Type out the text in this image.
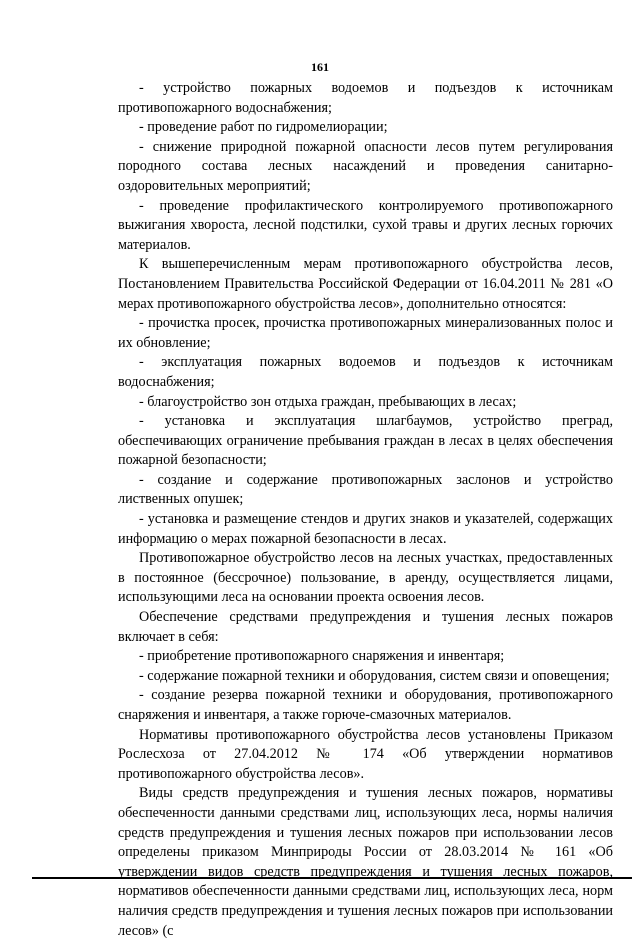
161

- устройство пожарных водоемов и подъездов к источникам противопожарного водоснабжения;

- проведение работ по гидромелиорации;

- снижение природной пожарной опасности лесов путем регулирования породного состава лесных насаждений и проведения санитарно-оздоровительных мероприятий;

- проведение профилактического контролируемого противопожарного выжигания хвороста, лесной подстилки, сухой травы и других лесных горючих материалов.

К вышеперечисленным мерам противопожарного обустройства лесов, Постановлением Правительства Российской Федерации от 16.04.2011 № 281 «О мерах противопожарного обустройства лесов», дополнительно относятся:

- прочистка просек, прочистка противопожарных минерализованных полос и их обновление;

- эксплуатация пожарных водоемов и подъездов к источникам водоснабжения;

- благоустройство зон отдыха граждан, пребывающих в лесах;

- установка и эксплуатация шлагбаумов, устройство преград, обеспечивающих ограничение пребывания граждан в лесах в целях обеспечения пожарной безопасности;

- создание и содержание противопожарных заслонов и устройство лиственных опушек;

- установка и размещение стендов и других знаков и указателей, содержащих информацию о мерах пожарной безопасности в лесах.

Противопожарное обустройство лесов на лесных участках, предоставленных в постоянное (бессрочное) пользование, в аренду, осуществляется лицами, использующими леса на основании проекта освоения лесов.

Обеспечение средствами предупреждения и тушения лесных пожаров включает в себя:

- приобретение противопожарного снаряжения и инвентаря;

- содержание пожарной техники и оборудования, систем связи и оповещения;

- создание резерва пожарной техники и оборудования, противопожарного снаряжения и инвентаря, а также горюче-смазочных материалов.

Нормативы противопожарного обустройства лесов установлены Приказом Рослесхоза от 27.04.2012 № 174 «Об утверждении нормативов противопожарного обустройства лесов».

Виды средств предупреждения и тушения лесных пожаров, нормативы обеспеченности данными средствами лиц, использующих леса, нормы наличия средств предупреждения и тушения лесных пожаров при использовании лесов определены приказом Минприроды России от 28.03.2014 № 161 «Об утверждении видов средств предупреждения и тушения лесных пожаров, нормативов обеспеченности данными средствами лиц, использующих леса, норм наличия средств предупреждения и тушения лесных пожаров при использовании лесов» (с
